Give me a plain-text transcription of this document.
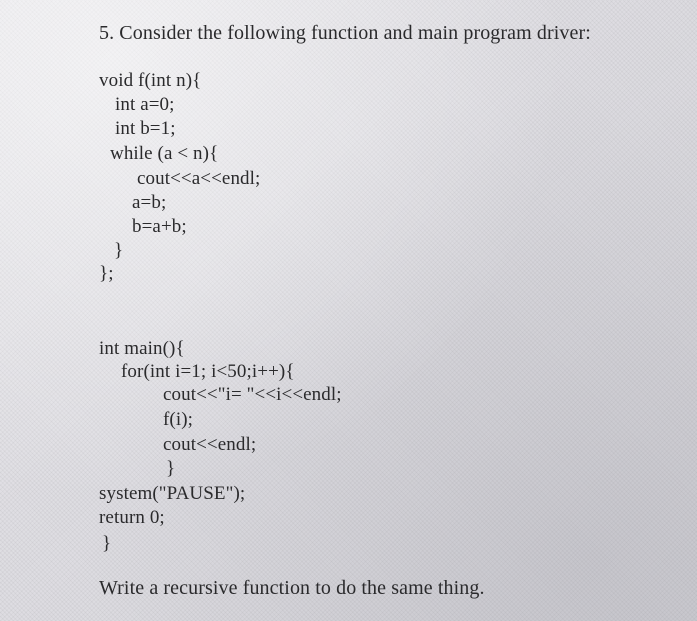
5. Consider the following function and main program driver:
void f(int n){
int a=0;
int b=1;
while (a < n){
cout<<a<<endl;
a=b;
b=a+b;
}
};
int main(){
for(int i=1; i<50;i++){
cout<<"i= "<<i<<endl;
f(i);
cout<<endl;
}
system("PAUSE");
return 0;
}
Write a recursive function to do the same thing.
